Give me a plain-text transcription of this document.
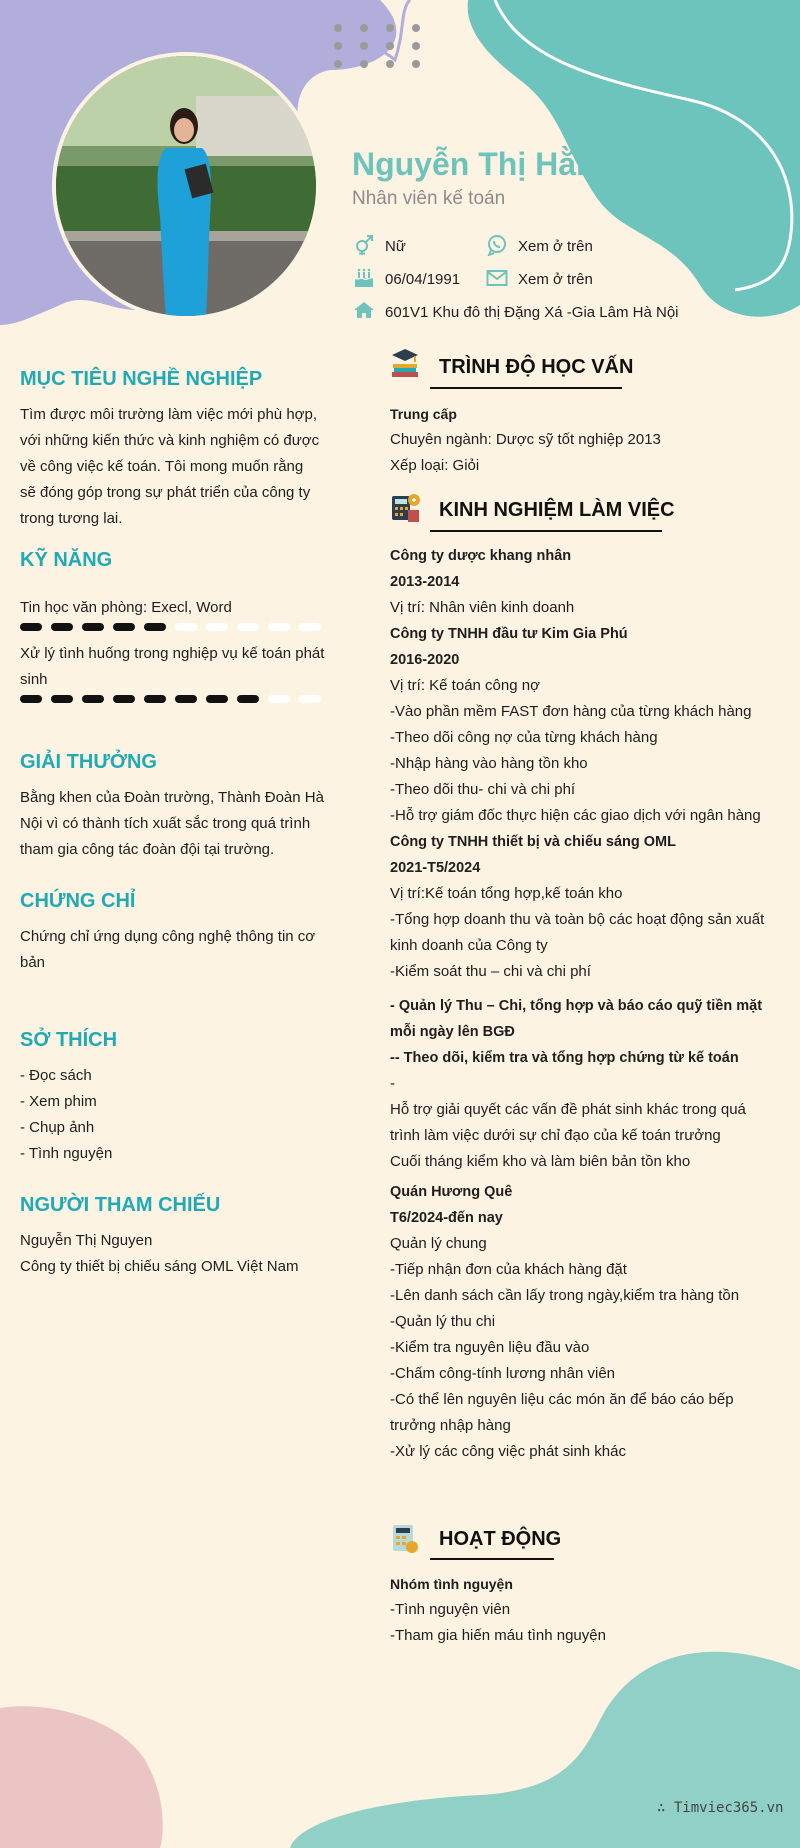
Nguyễn Thị Hằng
Nhân viên kế toán
Nữ	Xem ở trên
06/04/1991	Xem ở trên
601V1 Khu đô thị Đặng Xá -Gia Lâm Hà Nội
MỤC TIÊU NGHỀ NGHIỆP
Tìm được môi trường làm việc mới phù hợp,
với những kiến thức và kinh nghiệm có được
về công việc kế toán. Tôi mong muốn rằng
sẽ đóng góp trong sự phát triển của công ty
trong tương lai.
KỸ NĂNG
Tin học văn phòng: Execl, Word
Xử lý tình huống trong nghiệp vụ kế toán phát
sinh
GIẢI THƯỞNG
Bằng khen của Đoàn trường, Thành Đoàn Hà
Nội vì có thành tích xuất sắc trong quá trình
tham gia công tác đoàn đội tại trường.
CHỨNG CHỈ
Chứng chỉ ứng dụng công nghệ thông tin cơ
bản
SỞ THÍCH
- Đọc sách
- Xem phim
- Chụp ảnh
- Tình nguyện
NGƯỜI THAM CHIẾU
Nguyễn Thị Nguyen
Công ty thiết bị chiếu sáng OML Việt Nam
TRÌNH ĐỘ HỌC VẤN
Trung cấp
Chuyên ngành: Dược sỹ tốt nghiệp 2013
Xếp loại: Giỏi
KINH NGHIỆM LÀM VIỆC
Công ty dược khang nhân
2013-2014
Vị trí: Nhân viên kinh doanh
Công ty TNHH đầu tư Kim Gia Phú
2016-2020
Vị trí: Kế toán công nợ
-Vào phần mềm FAST đơn hàng của từng khách hàng
-Theo dõi công nợ của từng khách hàng
-Nhập hàng vào hàng tồn kho
-Theo dõi thu- chi và chi phí
-Hỗ trợ giám đốc thực hiện các giao dịch với ngân hàng
Công ty TNHH thiết bị và chiếu sáng OML
2021-T5/2024
Vị trí:Kế toán tổng hợp,kế toán kho
-Tổng hợp doanh thu và toàn bộ các hoạt động sản xuất
kinh doanh của Công ty
-Kiểm soát thu – chi và chi phí
- Quản lý Thu – Chi, tổng hợp và báo cáo quỹ tiền mặt
mỗi ngày lên BGĐ
-- Theo dõi, kiểm tra và tổng hợp chứng từ kế toán
-
Hỗ trợ giải quyết các vấn đề phát sinh khác trong quá
trình làm việc dưới sự chỉ đạo của kế toán trưởng
Cuối tháng kiểm kho và làm biên bản tồn kho
Quán Hương Quê
T6/2024-đến nay
Quản lý chung
-Tiếp nhận đơn của khách hàng đặt
-Lên danh sách cần lấy trong ngày,kiểm tra hàng tồn
-Quản lý thu chi
-Kiểm tra nguyên liệu đầu vào
-Chấm công-tính lương nhân viên
-Có thể lên nguyên liệu các món ăn để báo cáo bếp
trưởng nhập hàng
-Xử lý các công việc phát sinh khác
HOẠT ĐỘNG
Nhóm tình nguyện
-Tình nguyện viên
-Tham gia hiến máu tình nguyện
∴ Timviec365.vn
